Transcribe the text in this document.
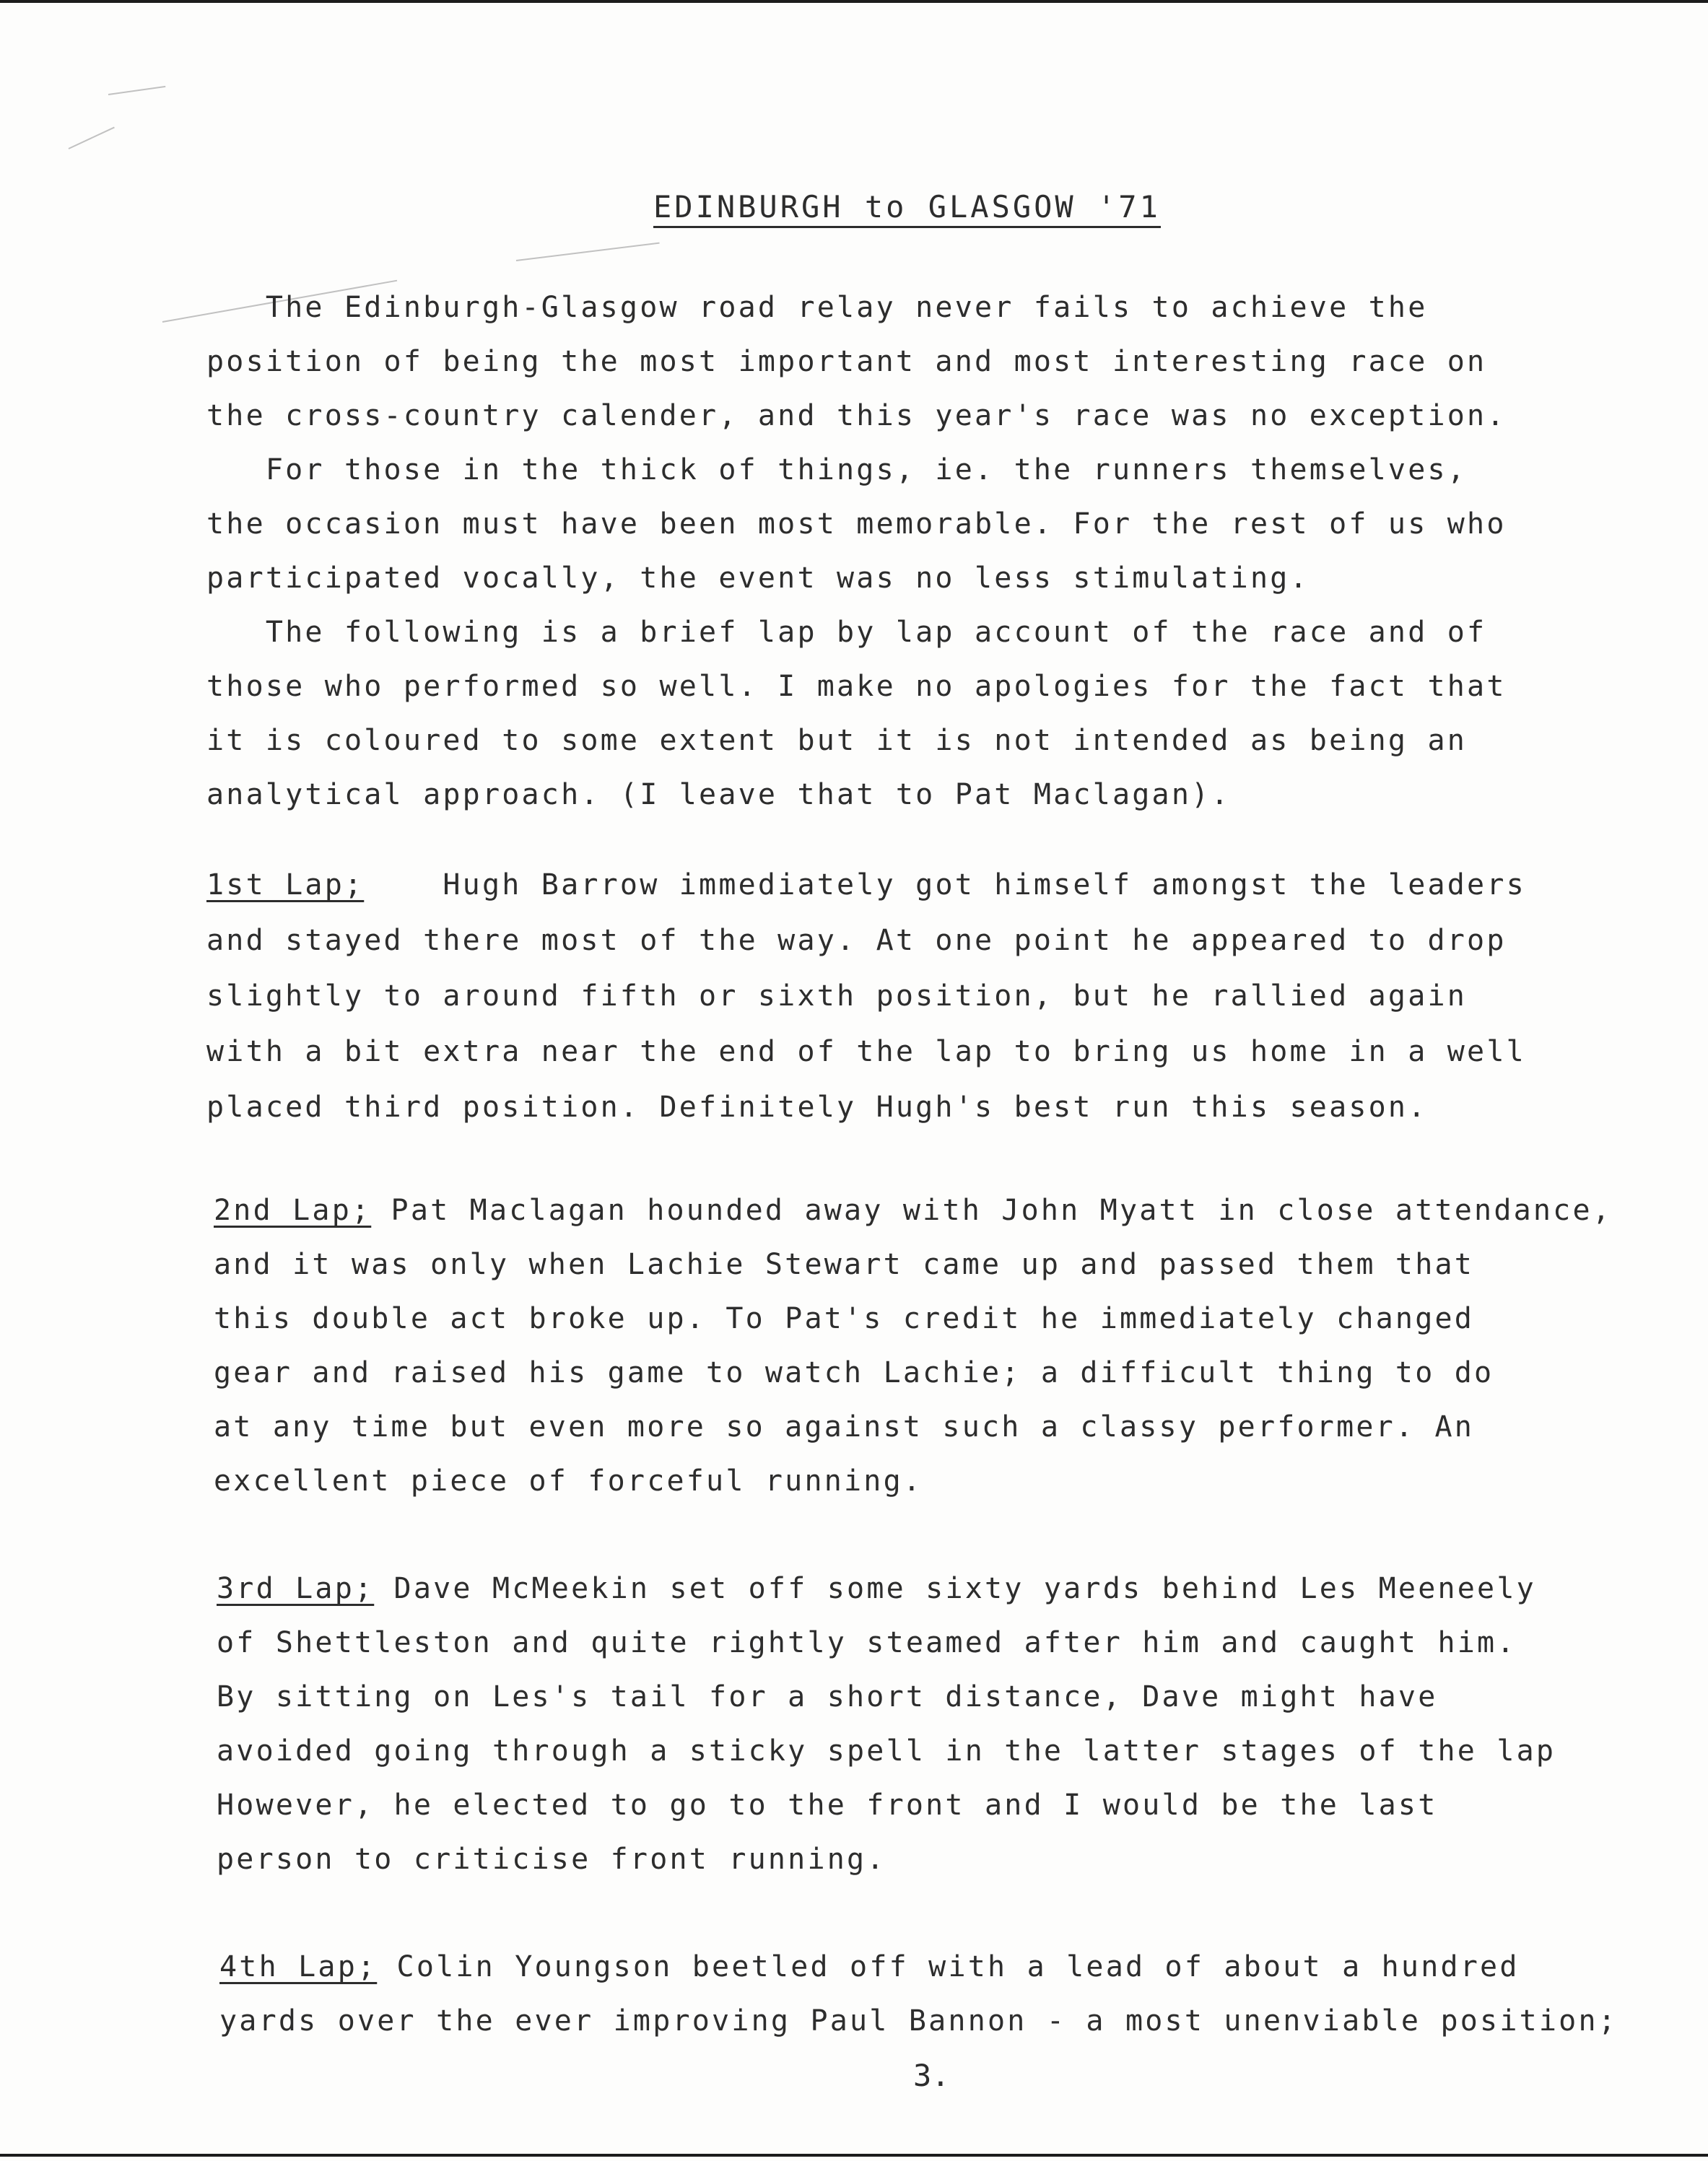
EDINBURGH to GLASGOW '71
The Edinburgh-Glasgow road relay never fails to achieve the
position of being the most important and most interesting race on
the cross-country calender, and this year's race was no exception.
For those in the thick of things, ie. the runners themselves,
the occasion must have been most memorable. For the rest of us who
participated vocally, the event was no less stimulating.
The following is a brief lap by lap account of the race and of
those who performed so well. I make no apologies for the fact that
it is coloured to some extent but it is not intended as being an
analytical approach. (I leave that to Pat Maclagan).
1st Lap;    Hugh Barrow immediately got himself amongst the leaders
and stayed there most of the way. At one point he appeared to drop
slightly to around fifth or sixth position, but he rallied again
with a bit extra near the end of the lap to bring us home in a well
placed third position. Definitely Hugh's best run this season.
2nd Lap; Pat Maclagan hounded away with John Myatt in close attendance,
and it was only when Lachie Stewart came up and passed them that
this double act broke up. To Pat's credit he immediately changed
gear and raised his game to watch Lachie; a difficult thing to do
at any time but even more so against such a classy performer. An
excellent piece of forceful running.
3rd Lap; Dave McMeekin set off some sixty yards behind Les Meeneely
of Shettleston and quite rightly steamed after him and caught him.
By sitting on Les's tail for a short distance, Dave might have
avoided going through a sticky spell in the latter stages of the lap
However, he elected to go to the front and I would be the last
person to criticise front running.
4th Lap; Colin Youngson beetled off with a lead of about a hundred
yards over the ever improving Paul Bannon - a most unenviable position;
3.
